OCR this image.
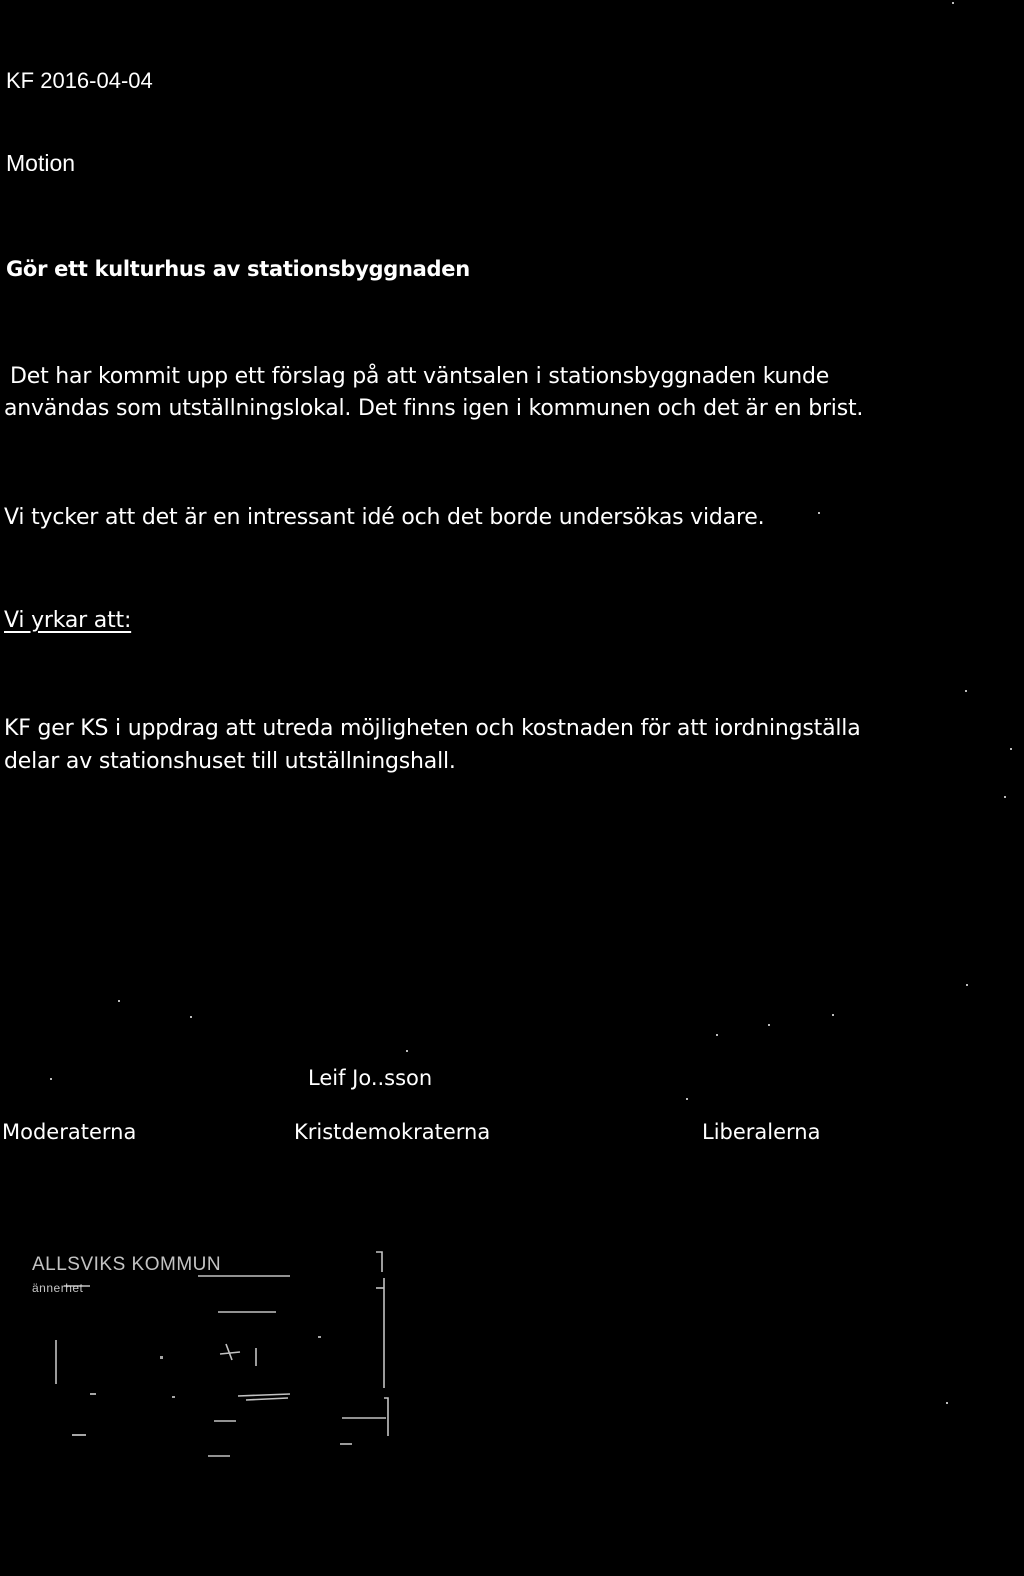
KF 2016-04-04

Motion

Gör ett kulturhus av stationsbyggnaden

Det har kommit upp ett förslag på att väntsalen i stationsbyggnaden kunde

användas som utställningslokal. Det finns igen i kommunen och det är en brist.

Vi tycker att det är en intressant idé och det borde undersökas vidare.

Vi yrkar att:

KF ger KS i uppdrag att utreda möjligheten och kostnaden för att iordningställa

delar av stationshuset till utställningshall.

Leif Jo..sson

Moderaterna	Kristdemokraterna	Liberalerna

ALLSVIKS KOMMUN
ännerhet
